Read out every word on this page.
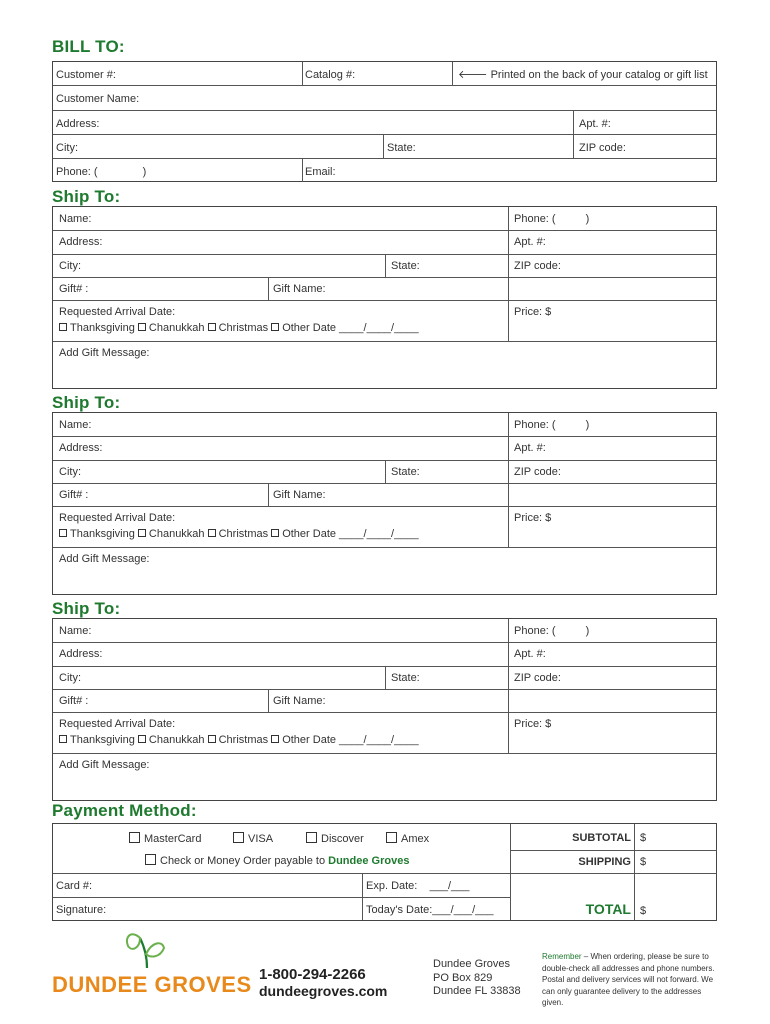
BILL TO:
Customer #:	Catalog #:	🡐 Printed on the back of your catalog or gift list
Customer Name:
Address:	Apt. #:
City:	State:	ZIP code:
Phone: (	)	Email:
Ship To:
Name:	Phone: (	)
Address:	Apt. #:
City:	State:	ZIP code:
Gift# :	Gift Name:
Requested Arrival Date:	Price: $
Thanksgiving Chanukkah Christmas Other Date ____/____/____
Add Gift Message:
Ship To:
Name:	Phone: (	)
Address:	Apt. #:
City:	State:	ZIP code:
Gift# :	Gift Name:
Requested Arrival Date:	Price: $
Thanksgiving Chanukkah Christmas Other Date ____/____/____
Add Gift Message:
Ship To:
Name:	Phone: (	)
Address:	Apt. #:
City:	State:	ZIP code:
Gift# :	Gift Name:
Requested Arrival Date:	Price: $
Thanksgiving Chanukkah Christmas Other Date ____/____/____
Add Gift Message:
Payment Method:
MasterCard	VISA	Discover	Amex
Check or Money Order payable to Dundee Groves
Card #:	Exp. Date: ___/___
Signature:	Today's Date:___/___/___
SUBTOTAL $
SHIPPING $
TOTAL $
DUNDEE GROVES 1-800-294-2266
dundeegroves.com
Dundee Groves
PO Box 829
Dundee FL 33838
Remember – When ordering, please be sure to double-check all addresses and phone numbers. Postal and delivery services will not forward. We can only guarantee delivery to the addresses given.
